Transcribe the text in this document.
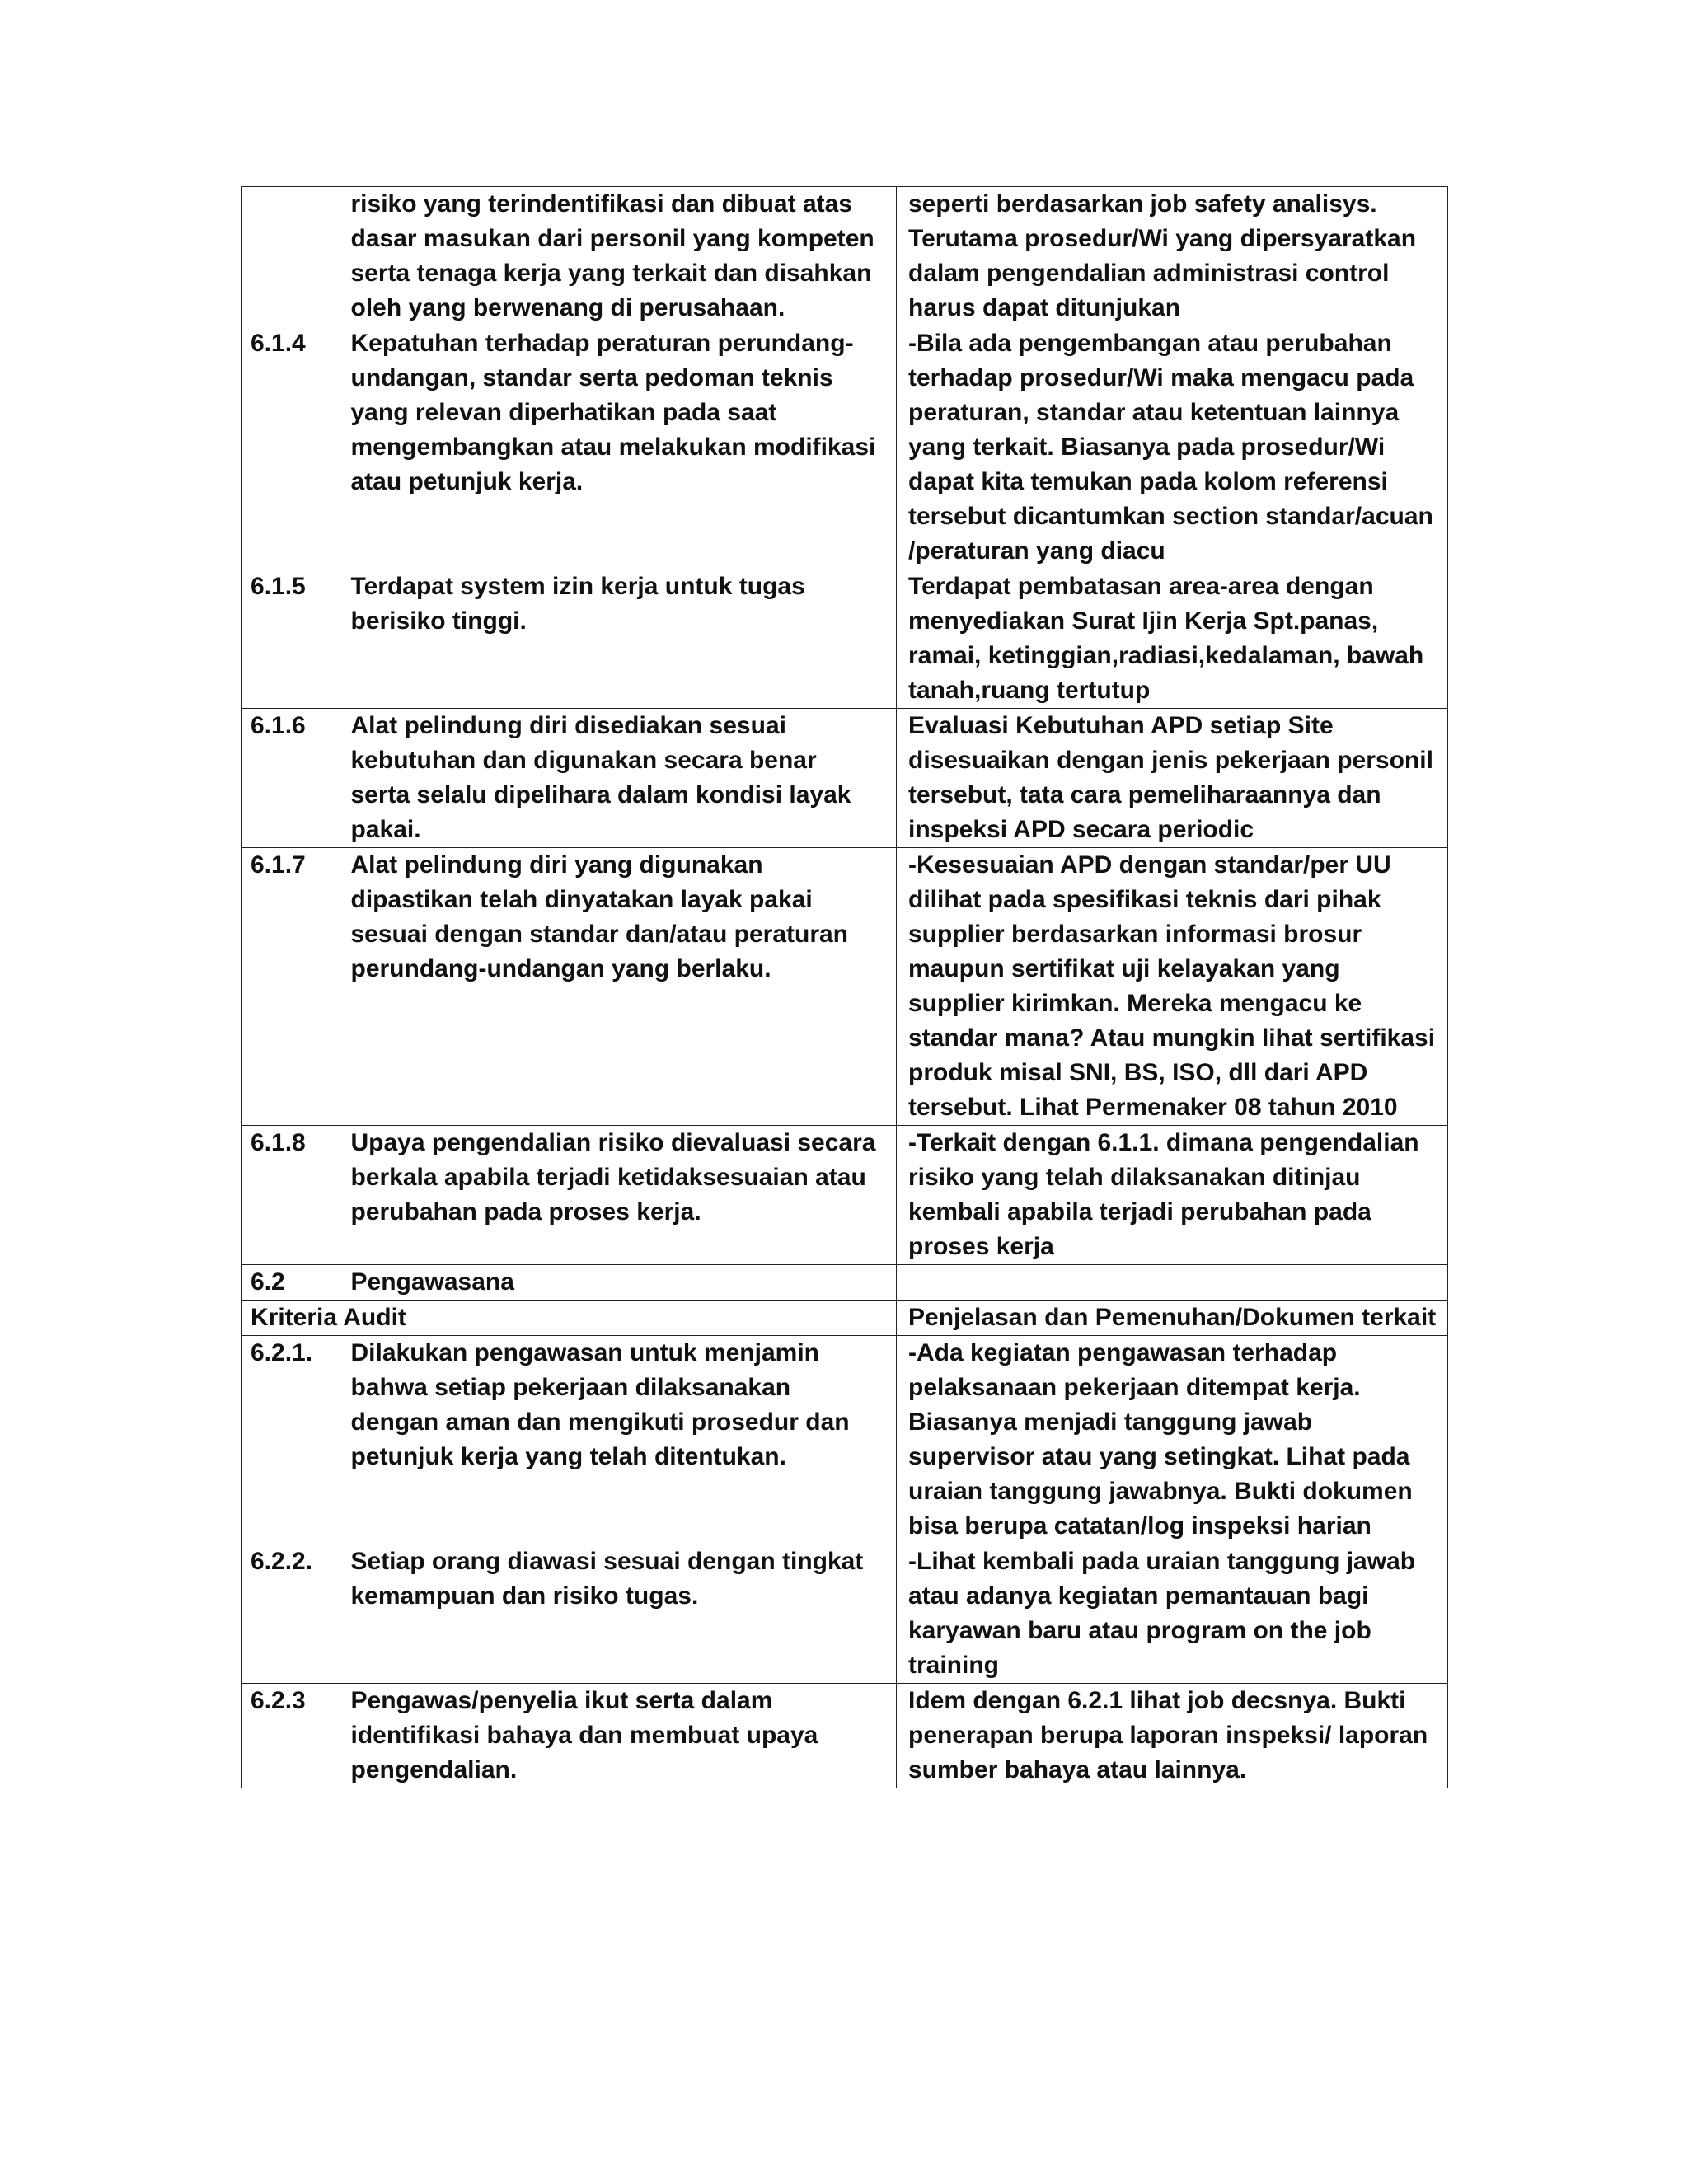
	risiko yang terindentifikasi dan dibuat atas dasar masukan dari personil yang kompeten serta tenaga kerja yang terkait dan disahkan oleh yang berwenang di perusahaan.	seperti berdasarkan job safety analisys. Terutama prosedur/Wi yang dipersyaratkan dalam pengendalian administrasi control harus dapat ditunjukan
6.1.4	Kepatuhan terhadap peraturan perundang-undangan, standar serta pedoman teknis yang relevan diperhatikan pada saat mengembangkan atau melakukan modifikasi atau petunjuk kerja.	-Bila ada pengembangan atau perubahan terhadap prosedur/Wi maka mengacu pada peraturan, standar atau ketentuan lainnya yang terkait. Biasanya pada prosedur/Wi dapat kita temukan pada kolom referensi tersebut dicantumkan section standar/acuan /peraturan yang diacu
6.1.5	Terdapat system izin kerja untuk tugas berisiko tinggi.	Terdapat pembatasan area-area dengan menyediakan Surat Ijin Kerja Spt.panas, ramai, ketinggian,radiasi,kedalaman, bawah tanah,ruang tertutup
6.1.6	Alat pelindung diri disediakan sesuai kebutuhan dan digunakan secara benar serta selalu dipelihara dalam kondisi layak pakai.	Evaluasi Kebutuhan APD setiap Site disesuaikan dengan jenis pekerjaan personil tersebut, tata cara pemeliharaannya dan inspeksi APD secara periodic
6.1.7	Alat pelindung diri yang digunakan dipastikan telah dinyatakan layak pakai sesuai dengan standar dan/atau peraturan perundang-undangan yang berlaku.	-Kesesuaian APD dengan standar/per UU dilihat pada spesifikasi teknis dari pihak supplier berdasarkan informasi brosur maupun sertifikat uji kelayakan yang supplier kirimkan. Mereka mengacu ke standar mana? Atau mungkin lihat sertifikasi produk misal SNI, BS, ISO, dll dari APD tersebut. Lihat Permenaker 08 tahun 2010
6.1.8	Upaya pengendalian risiko dievaluasi secara berkala apabila terjadi ketidaksesuaian atau perubahan pada proses kerja.	-Terkait dengan 6.1.1. dimana pengendalian risiko yang telah dilaksanakan ditinjau kembali apabila terjadi perubahan pada proses kerja
6.2	Pengawasana	
Kriteria Audit		Penjelasan dan Pemenuhan/Dokumen terkait
6.2.1.	Dilakukan pengawasan untuk menjamin bahwa setiap pekerjaan dilaksanakan dengan aman dan mengikuti prosedur dan petunjuk kerja yang telah ditentukan.	-Ada kegiatan pengawasan terhadap pelaksanaan pekerjaan ditempat kerja. Biasanya menjadi tanggung jawab supervisor atau yang setingkat. Lihat pada uraian tanggung jawabnya. Bukti dokumen bisa berupa catatan/log inspeksi harian
6.2.2.	Setiap orang diawasi sesuai dengan tingkat kemampuan dan risiko tugas.	-Lihat kembali pada uraian tanggung jawab atau adanya kegiatan pemantauan bagi karyawan baru atau program on the job training
6.2.3	Pengawas/penyelia ikut serta dalam identifikasi bahaya dan membuat upaya pengendalian.	Idem dengan 6.2.1 lihat job decsnya. Bukti penerapan berupa laporan inspeksi/ laporan sumber bahaya atau lainnya.
